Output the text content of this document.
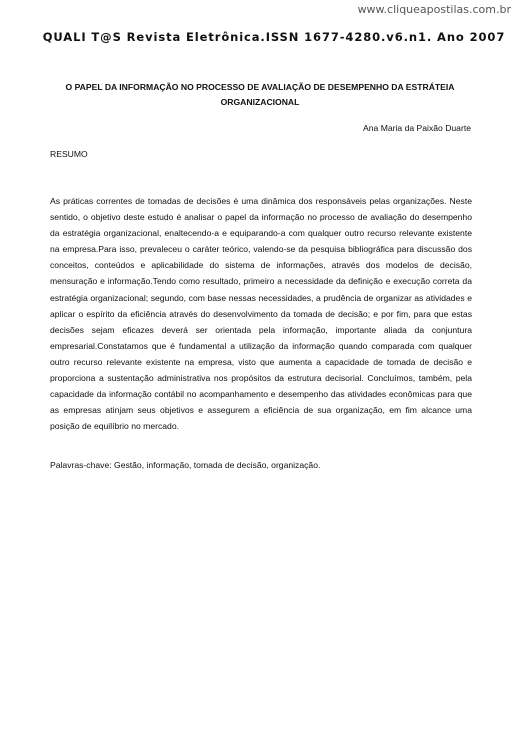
www.cliqueapostilas.com.br
QUALI T@S Revista Eletrônica.ISSN 1677-4280.v6.n1. Ano 2007
O PAPEL DA INFORMAÇÃO NO PROCESSO DE AVALIAÇÃO DE DESEMPENHO DA ESTRÁTEIA ORGANIZACIONAL
Ana Maria da Paixão Duarte
RESUMO

As práticas correntes de tomadas de decisões é uma dinâmica dos responsáveis pelas organizações. Neste sentido, o objetivo deste estudo é analisar o papel da informação no processo de avaliação do desempenho da estratégia organizacional, enaltecendo-a e equiparando-a com qualquer outro recurso relevante existente na empresa.Para isso, prevaleceu o caráter teórico, valendo-se da pesquisa bibliográfica para discussão dos conceitos, conteúdos e aplicabilidade do sistema de informações, através dos modelos de decisão, mensuração e informação.Tendo como resultado, primeiro a necessidade da definição e execução correta da estratégia organizacional; segundo, com base nessas necessidades, a prudência de organizar as atividades e aplicar o espírito da eficiência através do desenvolvimento da tomada de decisão; e por fim, para que estas decisões sejam eficazes deverá ser orientada pela informação, importante aliada da conjuntura empresarial.Constatamos que é fundamental a utilização da informação quando comparada com qualquer outro recurso relevante existente na empresa, visto que aumenta a capacidade de tomada de decisão e proporciona a sustentação administrativa nos propósitos da estrutura decisorial. Concluímos, também, pela capacidade da informação contábil no acompanhamento e desempenho das atividades econômicas para que as empresas atinjam seus objetivos e assegurem a eficiência de sua organização, em fim alcance uma posição de equilíbrio no mercado.

Palavras-chave: Gestão, informação, tomada de decisão, organização.
